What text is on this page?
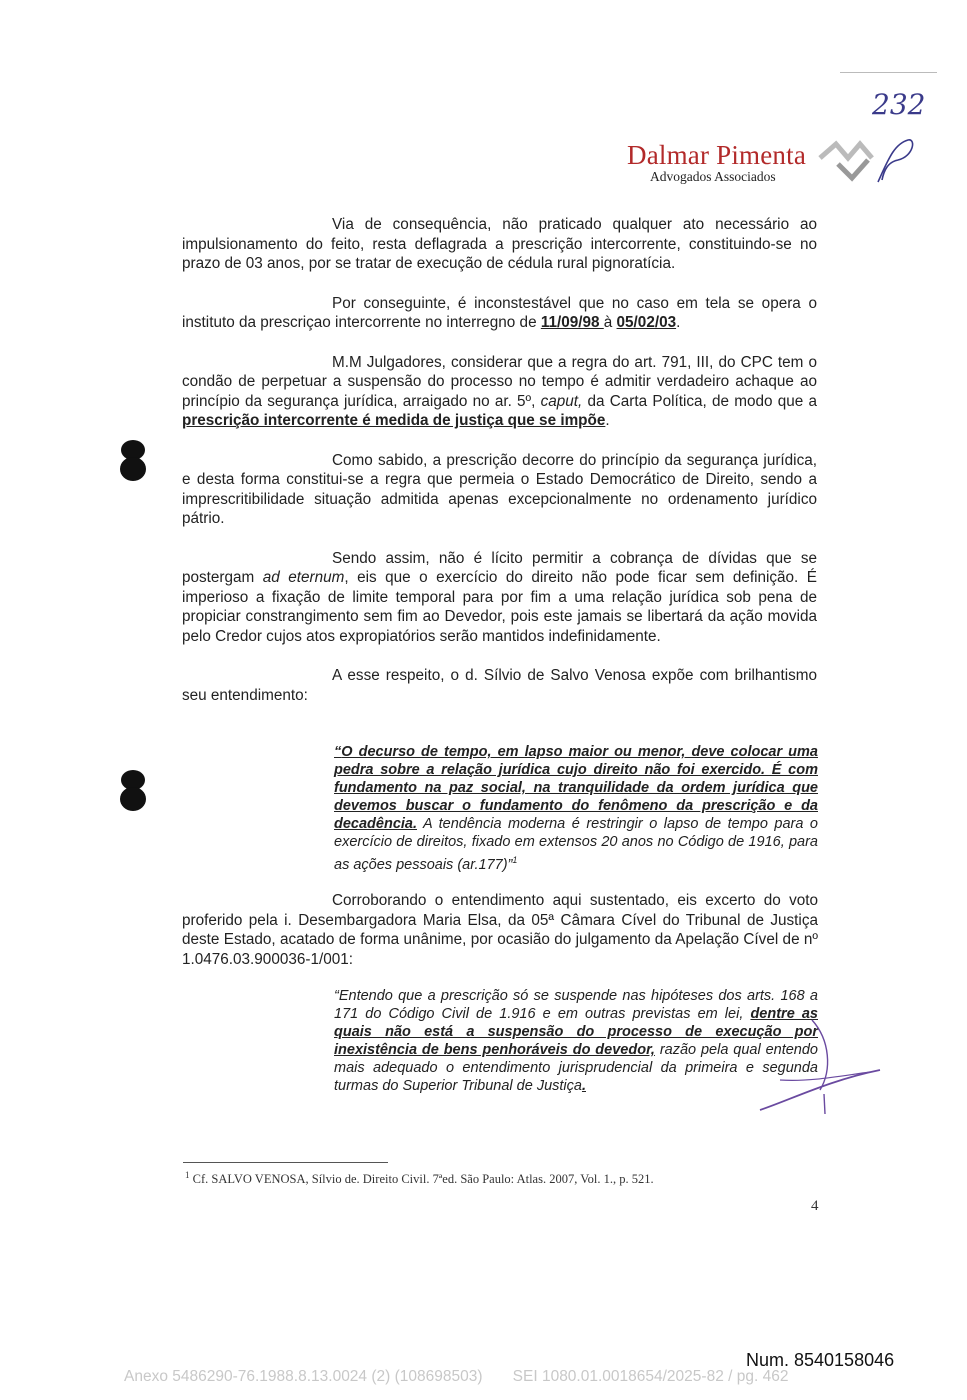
232
Dalmar Pimenta
Advogados Associados

Via de consequência, não praticado qualquer ato necessário ao impulsionamento do feito, resta deflagrada a prescrição intercorrente, constituindo-se no prazo de 03 anos, por se tratar de execução de cédula rural pignoratícia.

Por conseguinte, é inconstestável que no caso em tela se opera o instituto da prescriçao intercorrente no interregno de 11/09/98 à 05/02/03.

M.M Julgadores, considerar que a regra do art. 791, III, do CPC tem o condão de perpetuar a suspensão do processo no tempo é admitir verdadeiro achaque ao princípio da segurança jurídica, arraigado no ar. 5º, caput, da Carta Política, de modo que a prescrição intercorrente é medida de justiça que se impõe.

Como sabido, a prescrição decorre do princípio da segurança jurídica, e desta forma constitui-se a regra que permeia o Estado Democrático de Direito, sendo a imprescritibilidade situação admitida apenas excepcionalmente no ordenamento jurídico pátrio.

Sendo assim, não é lícito permitir a cobrança de dívidas que se postergam ad eternum, eis que o exercício do direito não pode ficar sem definição. É imperioso a fixação de limite temporal para por fim a uma relação jurídica sob pena de propiciar constrangimento sem fim ao Devedor, pois este jamais se libertará da ação movida pelo Credor cujos atos expropiatórios serão mantidos indefinidamente.

A esse respeito, o d. Sílvio de Salvo Venosa expõe com brilhantismo seu entendimento:

“O decurso de tempo, em lapso maior ou menor, deve colocar uma pedra sobre a relação jurídica cujo direito não foi exercido. É com fundamento na paz social, na tranquilidade da ordem jurídica que devemos buscar o fundamento do fenômeno da prescrição e da decadência. A tendência moderna é restringir o lapso de tempo para o exercício de direitos, fixado em extensos 20 anos no Código de 1916, para as ações pessoais (ar.177)”$^1$

Corroborando o entendimento aqui sustentado, eis excerto do voto proferido pela i. Desembargadora Maria Elsa, da 05ª Câmara Cível do Tribunal de Justiça deste Estado, acatado de forma unânime, por ocasião do julgamento da Apelação Cível de nº 1.0476.03.900036-1/001:

“Entendo que a prescrição só se suspende nas hipóteses dos arts. 168 a 171 do Código Civil de 1.916 e em outras previstas em lei, dentre as quais não está a suspensão do processo de execução por inexistência de bens penhoráveis do devedor, razão pela qual entendo mais adequado o entendimento jurisprudencial da primeira e segunda turmas do Superior Tribunal de Justiça.
$^1$ Cf. SALVO VENOSA, Sílvio de. Direito Civil. 7ªed. São Paulo: Atlas. 2007, Vol. 1., p. 521.
4
Num. 8540158046
Anexo 5486290-76.1988.8.13.0024 (2) (108698503)       SEI 1080.01.0018654/2025-82 / pg. 462
